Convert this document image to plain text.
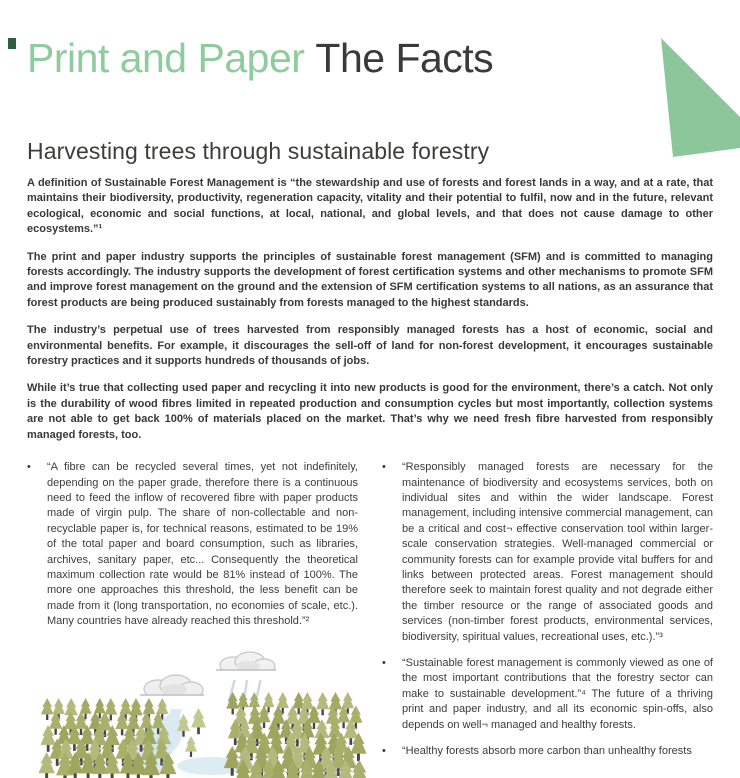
Print and Paper The Facts
Harvesting trees through sustainable forestry

A definition of Sustainable Forest Management is “the stewardship and use of forests and forest lands in a way, and at a rate, that maintains their biodiversity, productivity, regeneration capacity, vitality and their potential to fulfil, now and in the future, relevant ecological, economic and social functions, at local, national, and global levels, and that does not cause damage to other ecosystems.”¹

The print and paper industry supports the principles of sustainable forest management (SFM) and is committed to managing forests accordingly. The industry supports the development of forest certification systems and other mechanisms to promote SFM and improve forest management on the ground and the extension of SFM certification systems to all nations, as an assurance that forest products are being produced sustainably from forests managed to the highest standards.

The industry’s perpetual use of trees harvested from responsibly managed forests has a host of economic, social and environmental benefits. For example, it discourages the sell-off of land for non-forest development, it encourages sustainable forestry practices and it supports hundreds of thousands of jobs.

While it’s true that collecting used paper and recycling it into new products is good for the environment, there’s a catch. Not only is the durability of wood fibres limited in repeated production and consumption cycles but most importantly, collection systems are not able to get back 100% of materials placed on the market. That’s why we need fresh fibre harvested from responsibly managed forests, too.

•	“A fibre can be recycled several times, yet not indefinitely, depending on the paper grade, therefore there is a continuous need to feed the inflow of recovered fibre with paper products made of virgin pulp. The share of non-collectable and non-recyclable paper is, for technical reasons, estimated to be 19% of the total paper and board consumption, such as libraries, archives, sanitary paper, etc... Consequently the theoretical maximum collection rate would be 81% instead of 100%. The more one approaches this threshold, the less benefit can be made from it (long transportation, no economies of scale, etc.). Many countries have already reached this threshold.”²
•	“Responsibly managed forests are necessary for the maintenance of biodiversity and ecosystems services, both on individual sites and within the wider landscape. Forest management, including intensive commercial management, can be a critical and cost¬ effective conservation tool within larger-scale conservation strategies. Well-managed commercial or community forests can for example provide vital buffers for and links between protected areas. Forest management should therefore seek to maintain forest quality and not degrade either the timber resource or the range of associated goods and services (non-timber forest products, environmental services, biodiversity, spiritual values, recreational uses, etc.).”³
•	“Sustainable forest management is commonly viewed as one of the most important contributions that the forestry sector can make to sustainable development.”⁴ The future of a thriving print and paper industry, and all its economic spin-offs, also depends on well¬ managed and healthy forests.
•	“Healthy forests absorb more carbon than unhealthy forests
